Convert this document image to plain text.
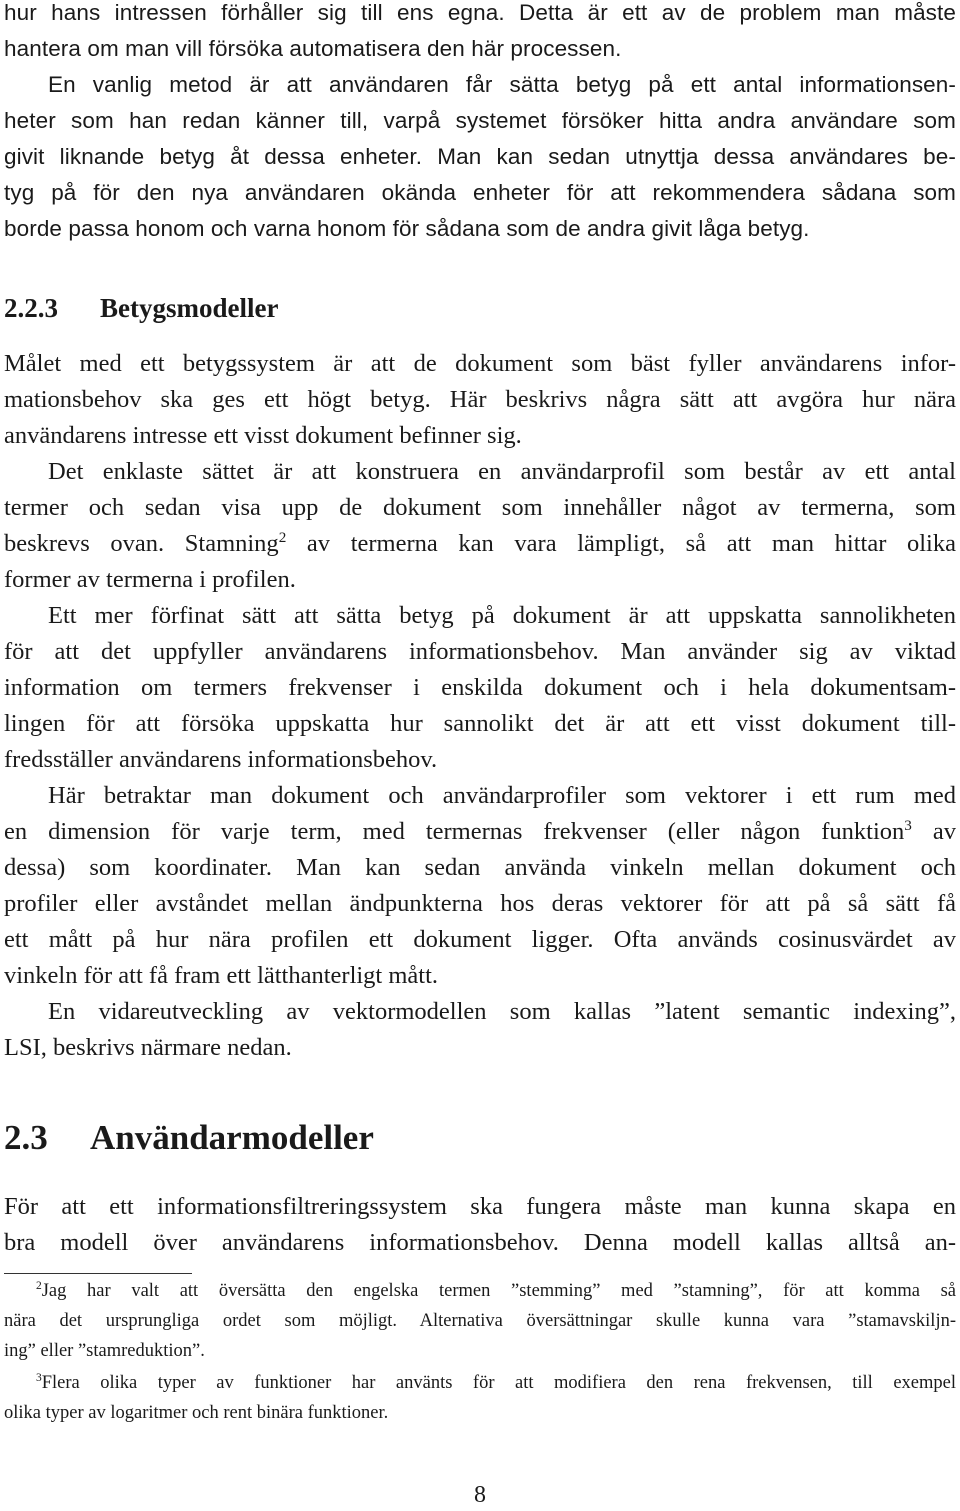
hur hans intressen förhåller sig till ens egna. Detta är ett av de problem man måste
hantera om man vill försöka automatisera den här processen.
En vanlig metod är att användaren får sätta betyg på ett antal informationsen-
heter som han redan känner till, varpå systemet försöker hitta andra användare som
givit liknande betyg åt dessa enheter. Man kan sedan utnyttja dessa användares be-
tyg på för den nya användaren okända enheter för att rekommendera sådana som
borde passa honom och varna honom för sådana som de andra givit låga betyg.
2.2.3 Betygsmodeller
Målet med ett betygssystem är att de dokument som bäst fyller användarens infor-
mationsbehov ska ges ett högt betyg. Här beskrivs några sätt att avgöra hur nära
användarens intresse ett visst dokument befinner sig.
Det enklaste sättet är att konstruera en användarprofil som består av ett antal
termer och sedan visa upp de dokument som innehåller något av termerna, som
beskrevs ovan. Stamning$^2$ av termerna kan vara lämpligt, så att man hittar olika
former av termerna i profilen.
Ett mer förfinat sätt att sätta betyg på dokument är att uppskatta sannolikheten
för att det uppfyller användarens informationsbehov. Man använder sig av viktad
information om termers frekvenser i enskilda dokument och i hela dokumentsam-
lingen för att försöka uppskatta hur sannolikt det är att ett visst dokument till-
fredsställer användarens informationsbehov.
Här betraktar man dokument och användarprofiler som vektorer i ett rum med
en dimension för varje term, med termernas frekvenser (eller någon funktion$^3$ av
dessa) som koordinater. Man kan sedan använda vinkeln mellan dokument och
profiler eller avståndet mellan ändpunkterna hos deras vektorer för att på så sätt få
ett mått på hur nära profilen ett dokument ligger. Ofta används cosinusvärdet av
vinkeln för att få fram ett lätthanterligt mått.
En vidareutveckling av vektormodellen som kallas ”latent semantic indexing”,
LSI, beskrivs närmare nedan.
2.3 Användarmodeller
För att ett informationsfiltreringssystem ska fungera måste man kunna skapa en
bra modell över användarens informationsbehov. Denna modell kallas alltså an-
$^2$Jag har valt att översätta den engelska termen ”stemming” med ”stamning”, för att komma så
nära det ursprungliga ordet som möjligt. Alternativa översättningar skulle kunna vara ”stamavskiljn-
ing” eller ”stamreduktion”.
$^3$Flera olika typer av funktioner har använts för att modifiera den rena frekvensen, till exempel
olika typer av logaritmer och rent binära funktioner.
8
